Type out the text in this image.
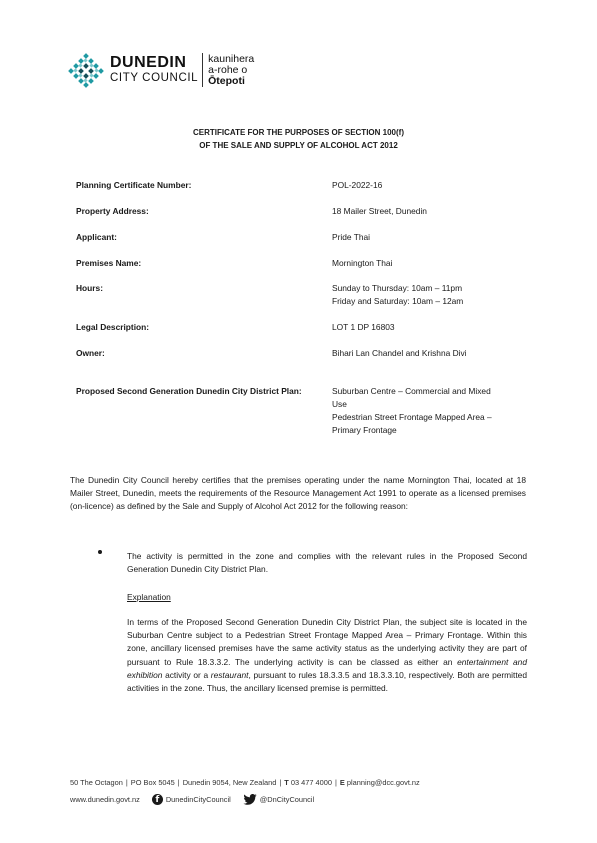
DUNEDIN
CITY COUNCIL
kaunihera
a-rohe o
Ōtepoti
CERTIFICATE FOR THE PURPOSES OF SECTION 100(f)
OF THE SALE AND SUPPLY OF ALCOHOL ACT 2012
Planning Certificate Number:	POL-2022-16
Property Address:	18 Mailer Street, Dunedin
Applicant:	Pride Thai
Premises Name:	Mornington Thai
Hours:	Sunday to Thursday: 10am – 11pm
Friday and Saturday: 10am – 12am
Legal Description:	LOT 1 DP 16803
Owner:	Bihari Lan Chandel and Krishna Divi
Proposed Second Generation Dunedin City District Plan:	Suburban Centre – Commercial and Mixed
Use
Pedestrian Street Frontage Mapped Area –
Primary Frontage
The Dunedin City Council hereby certifies that the premises operating under the name Mornington Thai, located at 18 Mailer Street, Dunedin, meets the requirements of the Resource Management Act 1991 to operate as a licensed premises (on-licence) as defined by the Sale and Supply of Alcohol Act 2012 for the following reason:
The activity is permitted in the zone and complies with the relevant rules in the Proposed Second Generation Dunedin City District Plan.
Explanation
In terms of the Proposed Second Generation Dunedin City District Plan, the subject site is located in the Suburban Centre subject to a Pedestrian Street Frontage Mapped Area – Primary Frontage. Within this zone, ancillary licensed premises have the same activity status as the underlying activity they are part of pursuant to Rule 18.3.3.2. The underlying activity is can be classed as either an entertainment and exhibition activity or a restaurant, pursuant to rules 18.3.3.5 and 18.3.3.10, respectively. Both are permitted activities in the zone. Thus, the ancillary licensed premise is permitted.
50 The Octagon | PO Box 5045 | Dunedin 9054, New Zealand | T 03 477 4000 | E planning@dcc.govt.nz
www.dunedin.govt.nz	f DunedinCityCouncil	@DnCityCouncil
